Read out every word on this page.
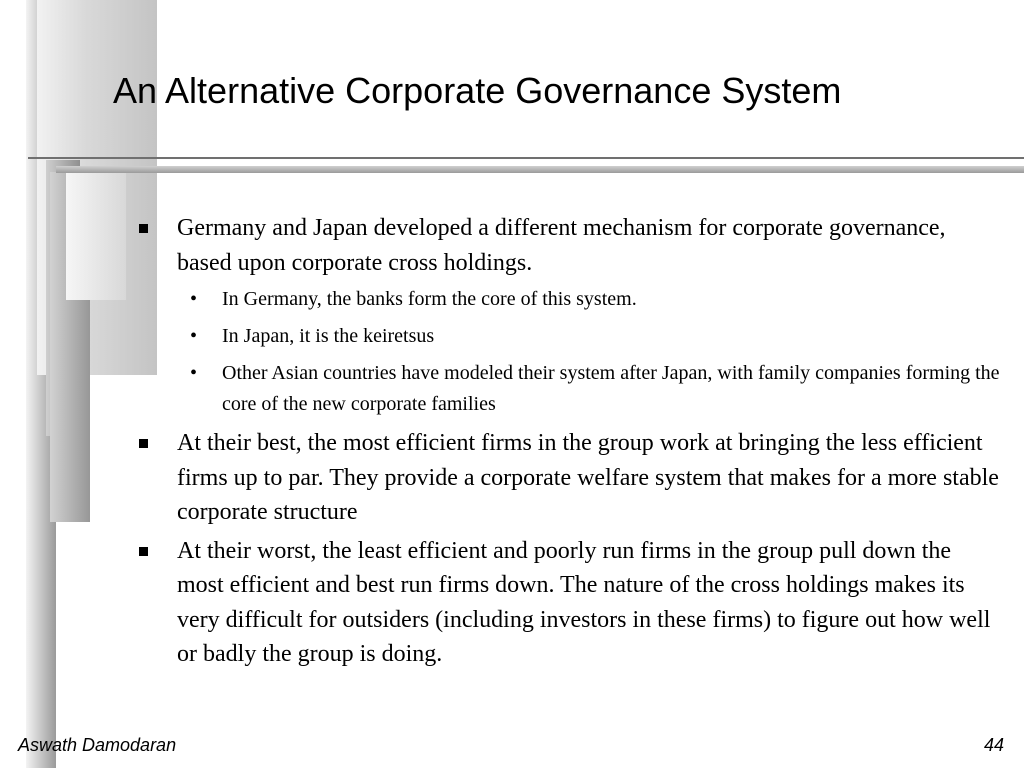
An Alternative Corporate Governance System
Germany and Japan developed a different mechanism for corporate governance, based upon corporate cross holdings.
• In Germany, the banks form the core of this system.
• In Japan, it is the keiretsus
• Other Asian countries have modeled their system after Japan, with family companies forming the core of the new corporate families
At their best, the most efficient firms in the group work at bringing the less efficient firms up to par. They provide a corporate welfare system that makes for a more stable corporate structure
At their worst, the least efficient and poorly run firms in the group pull down the most efficient and best run firms down. The nature of the cross holdings makes its very difficult for outsiders (including investors in these firms) to figure out how well or badly the group is doing.
Aswath Damodaran	44
